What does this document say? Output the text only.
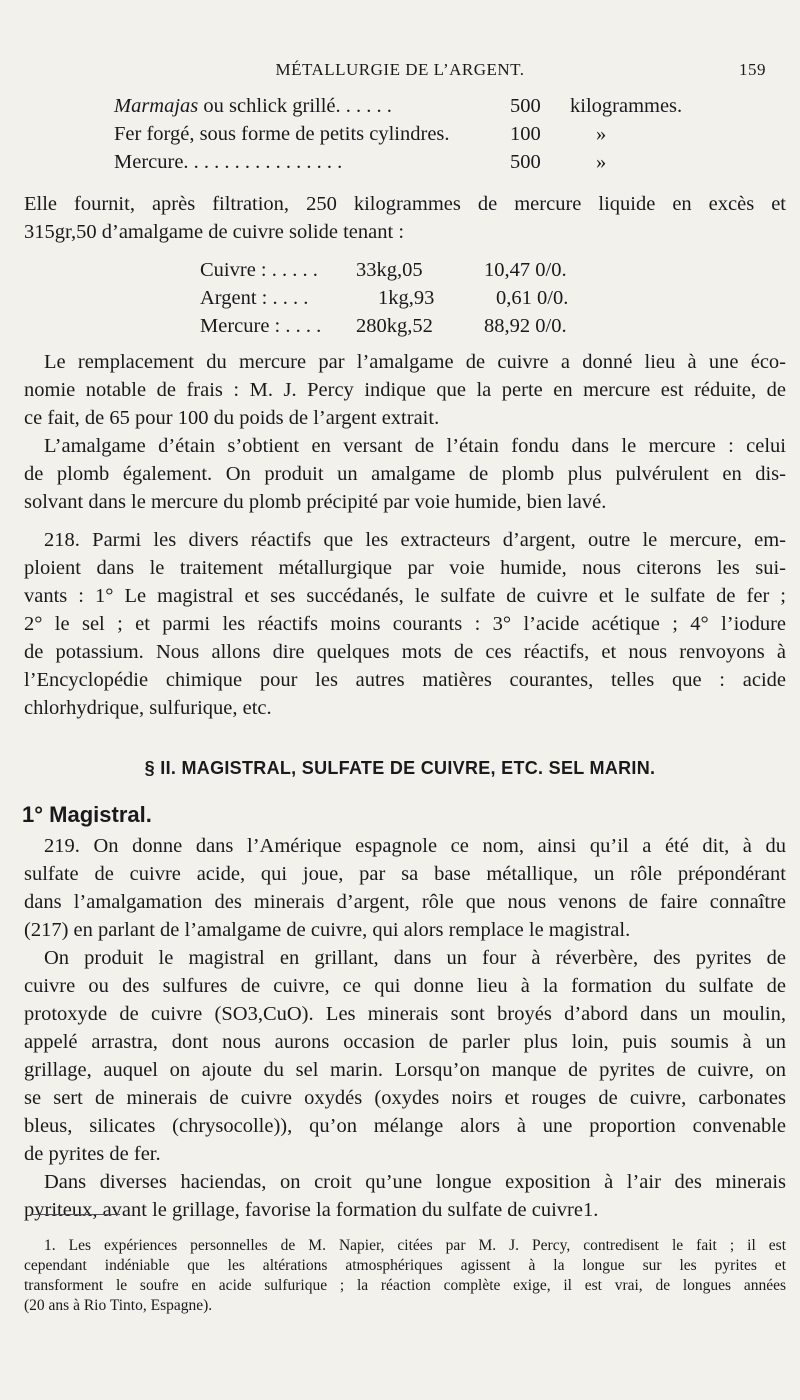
MÉTALLURGIE DE L’ARGENT.	159
Marmajas ou schlick grillé. . . . . .	500 kilogrammes.
Fer forgé, sous forme de petits cylindres.	100	»
Mercure. . . . . . . . . . . . . . . .	500	»
Elle fournit, après filtration, 250 kilogrammes de mercure liquide en excès et
315gr,50 d’amalgame de cuivre solide tenant :
Cuivre : . . . . . 33kg,05	10,47 0/0.
Argent : . . . .	1kg,93	0,61 0/0.
Mercure : . . . . 280kg,52 88,92 0/0.
Le remplacement du mercure par l’amalgame de cuivre a donné lieu à une éco-
nomie notable de frais : M. J. Percy indique que la perte en mercure est réduite, de
ce fait, de 65 pour 100 du poids de l’argent extrait.
L’amalgame d’étain s’obtient en versant de l’étain fondu dans le mercure : celui
de plomb également. On produit un amalgame de plomb plus pulvérulent en dis-
solvant dans le mercure du plomb précipité par voie humide, bien lavé.
218. Parmi les divers réactifs que les extracteurs d’argent, outre le mercure, em-
ploient dans le traitement métallurgique par voie humide, nous citerons les sui-
vants : 1° Le magistral et ses succédanés, le sulfate de cuivre et le sulfate de fer ;
2° le sel ; et parmi les réactifs moins courants : 3° l’acide acétique ; 4° l’iodure
de potassium. Nous allons dire quelques mots de ces réactifs, et nous renvoyons à
l’Encyclopédie chimique pour les autres matières courantes, telles que : acide
chlorhydrique, sulfurique, etc.
§ II. MAGISTRAL, SULFATE DE CUIVRE, ETC. SEL MARIN.
1° Magistral.
219. On donne dans l’Amérique espagnole ce nom, ainsi qu’il a été dit, à du
sulfate de cuivre acide, qui joue, par sa base métallique, un rôle prépondérant
dans l’amalgamation des minerais d’argent, rôle que nous venons de faire connaître
(217) en parlant de l’amalgame de cuivre, qui alors remplace le magistral.
On produit le magistral en grillant, dans un four à réverbère, des pyrites de
cuivre ou des sulfures de cuivre, ce qui donne lieu à la formation du sulfate de
protoxyde de cuivre (SO3,CuO). Les minerais sont broyés d’abord dans un moulin,
appelé arrastra, dont nous aurons occasion de parler plus loin, puis soumis à un
grillage, auquel on ajoute du sel marin. Lorsqu’on manque de pyrites de cuivre, on
se sert de minerais de cuivre oxydés (oxydes noirs et rouges de cuivre, carbonates
bleus, silicates (chrysocolle)), qu’on mélange alors à une proportion convenable
de pyrites de fer.
Dans diverses haciendas, on croit qu’une longue exposition à l’air des minerais
pyriteux, avant le grillage, favorise la formation du sulfate de cuivre1.
1. Les expériences personnelles de M. Napier, citées par M. J. Percy, contredisent le fait ; il est
cependant indéniable que les altérations atmosphériques agissent à la longue sur les pyrites et
transforment le soufre en acide sulfurique ; la réaction complète exige, il est vrai, de longues années
(20 ans à Rio Tinto, Espagne).
